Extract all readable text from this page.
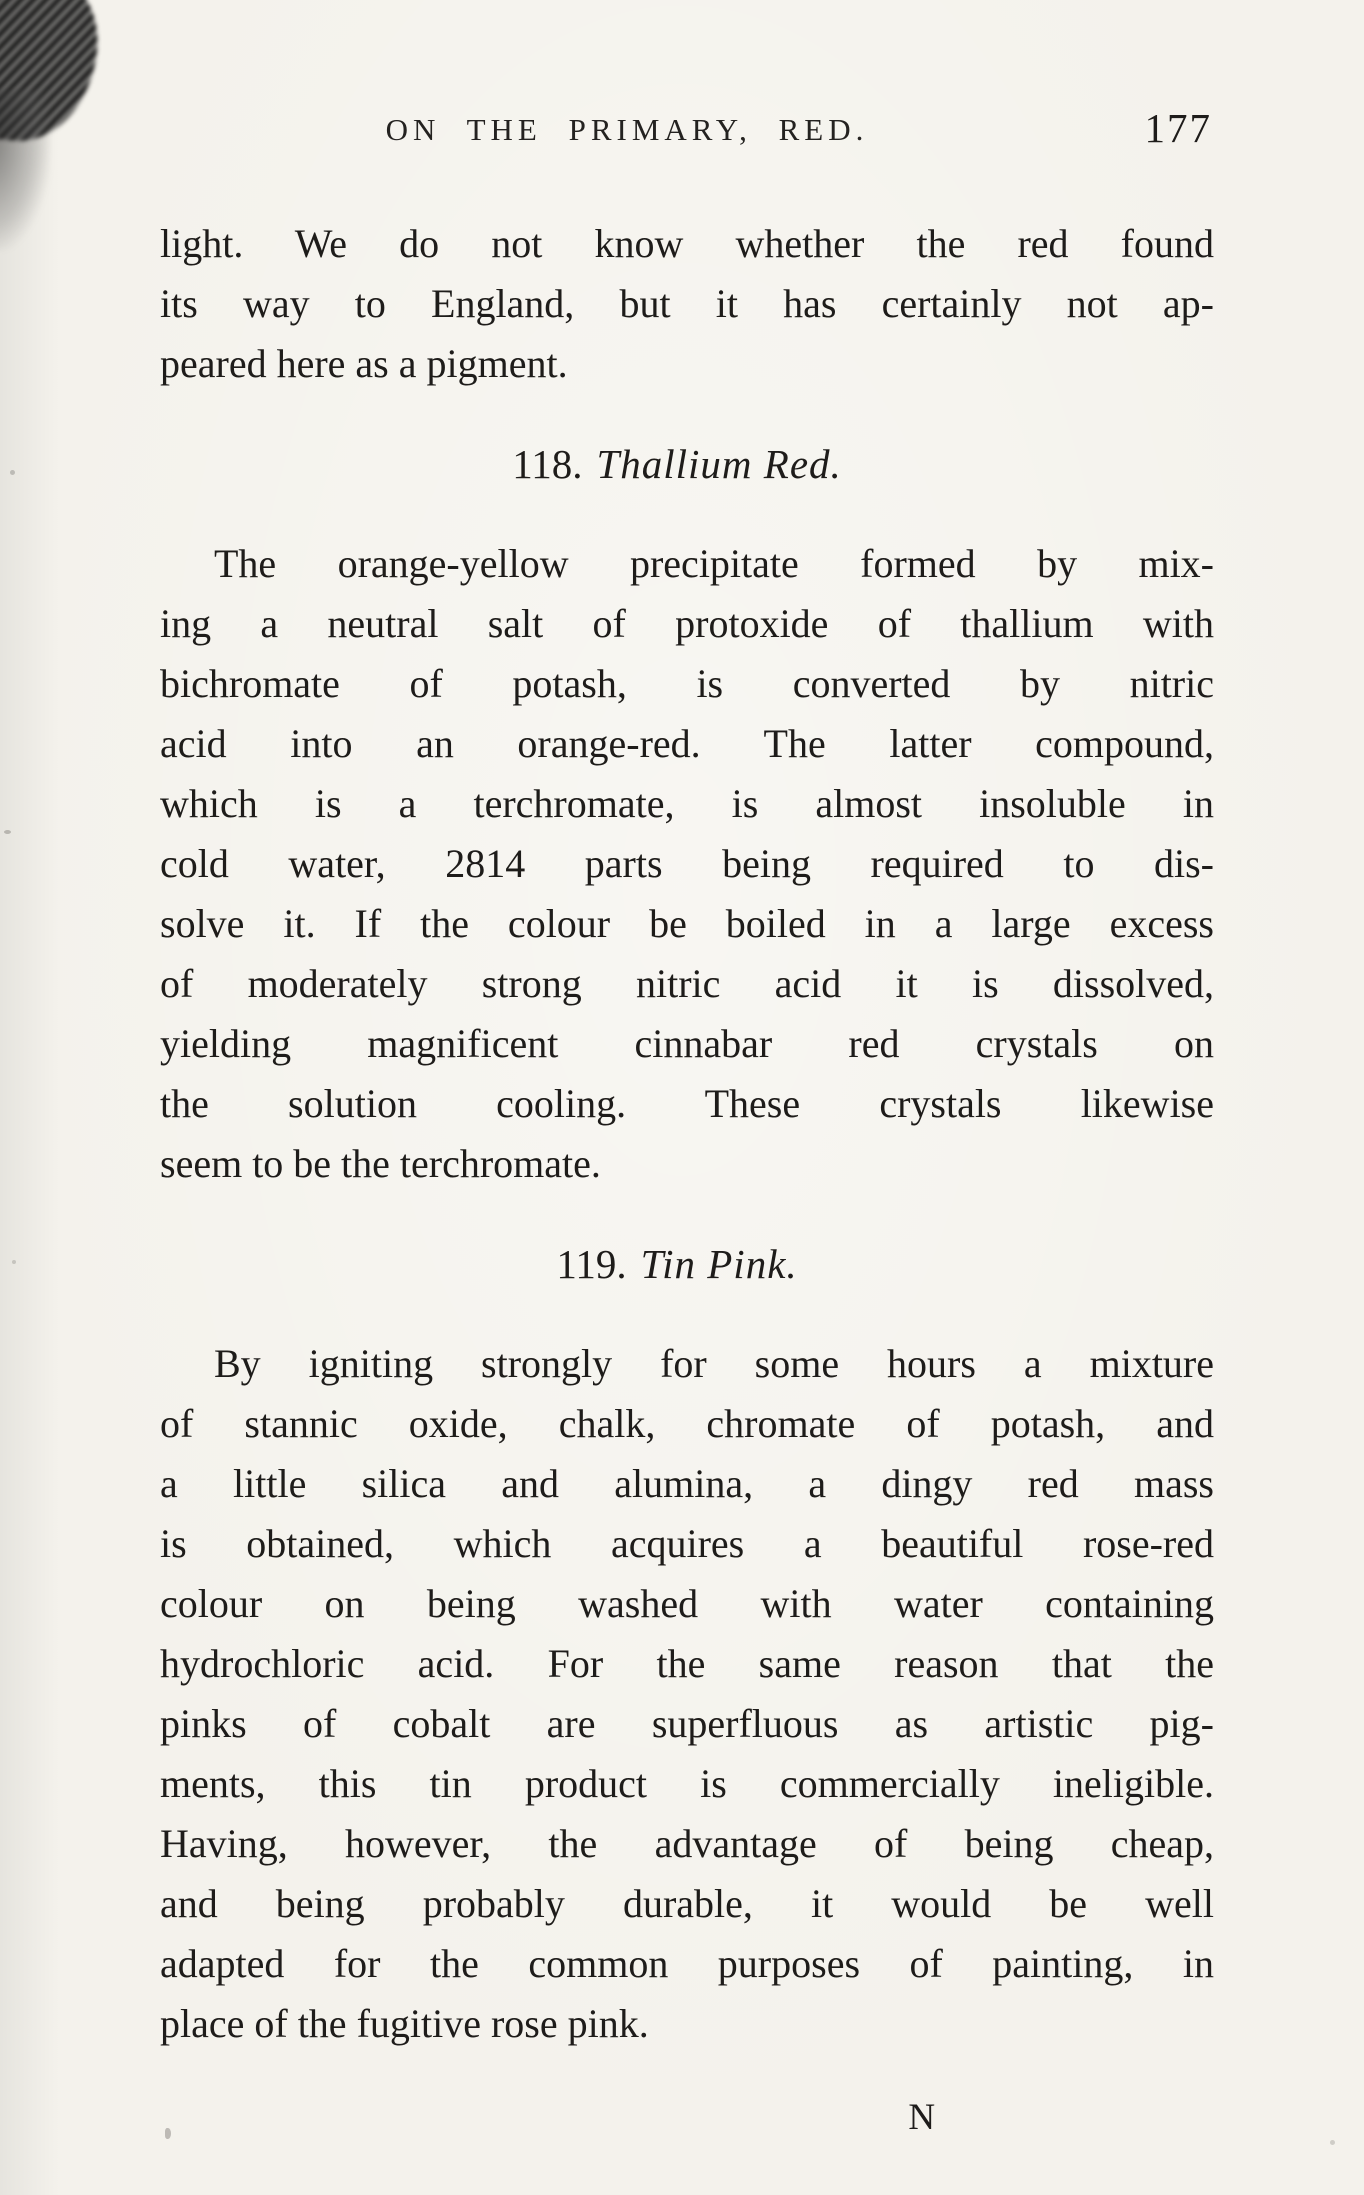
ON THE PRIMARY, RED.	177
light. We do not know whether the red found
its way to England, but it has certainly not ap-
peared here as a pigment.
118. Thallium Red.
The orange-yellow precipitate formed by mix-
ing a neutral salt of protoxide of thallium with
bichromate of potash, is converted by nitric
acid into an orange-red. The latter compound,
which is a terchromate, is almost insoluble in
cold water, 2814 parts being required to dis-
solve it. If the colour be boiled in a large excess
of moderately strong nitric acid it is dissolved,
yielding magnificent cinnabar red crystals on
the solution cooling. These crystals likewise
seem to be the terchromate.
119. Tin Pink.
By igniting strongly for some hours a mixture
of stannic oxide, chalk, chromate of potash, and
a little silica and alumina, a dingy red mass
is obtained, which acquires a beautiful rose-red
colour on being washed with water containing
hydrochloric acid. For the same reason that the
pinks of cobalt are superfluous as artistic pig-
ments, this tin product is commercially ineligible.
Having, however, the advantage of being cheap,
and being probably durable, it would be well
adapted for the common purposes of painting, in
place of the fugitive rose pink.
N
